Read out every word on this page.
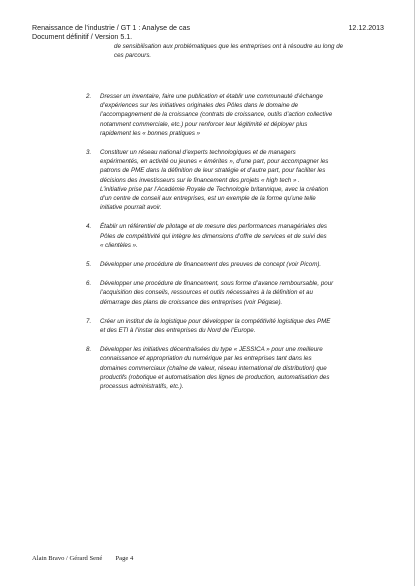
Renaissance de l’industrie / GT 1 : Analyse de cas	12.12.2013
Document définitif / Version 5.1.
de sensibilisation aux problématiques que les entreprises ont à résoudre au long de
ces parcours.
2. Dresser un inventaire, faire une publication et établir une communauté d’échange
d’expériences sur les initiatives originales des Pôles dans le domaine de
l’accompagnement de la croissance (contrats de croissance, outils d’action collective
notamment commerciale, etc.) pour renforcer leur légitimité et déployer plus
rapidement les « bonnes pratiques »
3. Constituer un réseau national d’experts technologiques et de managers
expérimentés, en activité ou jeunes « émérites », d’une part, pour accompagner les
patrons de PME dans la définition de leur stratégie et d’autre part, pour faciliter les
décisions des investisseurs sur le financement des projets « high tech » .
L’initiative prise par l’Académie Royale de Technologie britannique, avec la création
d’un centre de conseil aux entreprises, est un exemple de la forme qu’une telle
initiative pourrait avoir.
4. Établir un référentiel de pilotage et de mesure des performances managériales des
Pôles de compétitivité qui intègre les dimensions d’offre de services et de suivi des
« clientèles ».
5. Développer une procédure de financement des preuves de concept (voir Picom).
6. Développer une procédure de financement, sous forme d’avance remboursable, pour
l’acquisition des conseils, ressources et outils nécessaires à la définition et au
démarrage des plans de croissance des entreprises (voir Pégase).
7. Créer un institut de la logistique pour développer la compétitivité logistique des PME
et des ETI à l’instar des entreprises du Nord de l’Europe.
8. Développer les initiatives décentralisées du type « JESSICA » pour une meilleure
connaissance et appropriation du numérique par les entreprises tant dans les
domaines commerciaux (chaîne de valeur, réseau international de distribution) que
productifs (robotique et automatisation des lignes de production, automatisation des
processus administratifs, etc.).
Alain Bravo / Gérard Sené        Page 4
